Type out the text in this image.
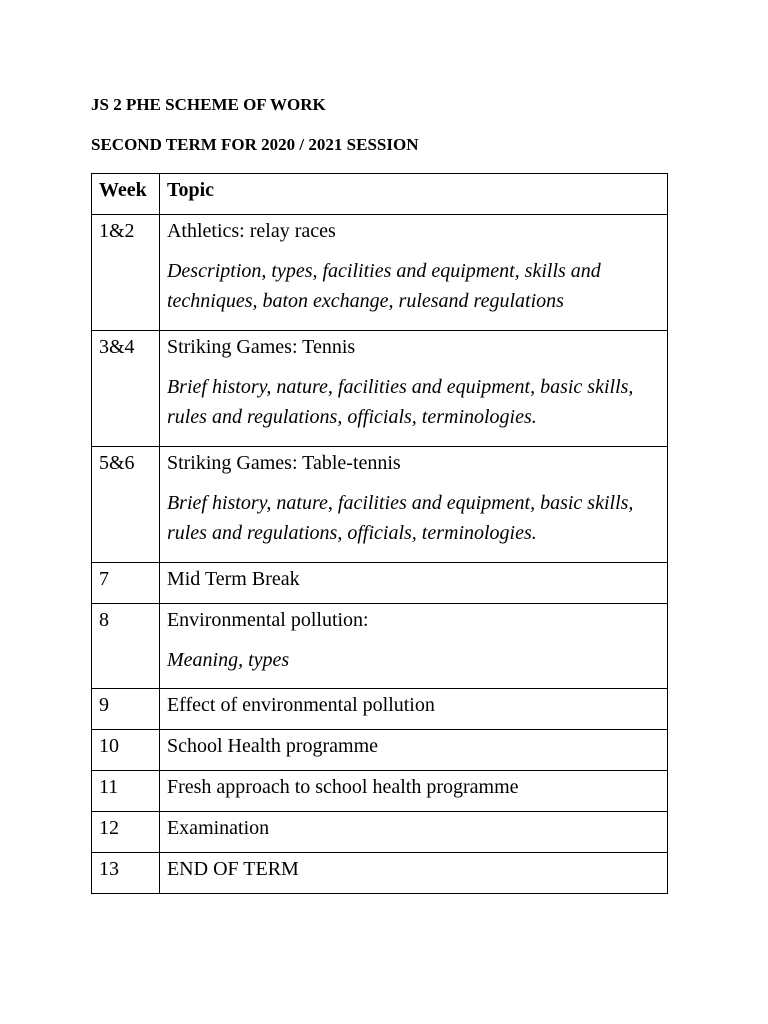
JS 2 PHE SCHEME OF WORK
SECOND TERM FOR 2020 / 2021 SESSION
Week	Topic

1&2	Athletics: relay races
Description, types, facilities and equipment, skills and techniques, baton exchange, rulesand regulations

3&4	Striking Games: Tennis
Brief history, nature, facilities and equipment, basic skills, rules and regulations, officials, terminologies.

5&6	Striking Games: Table-tennis
Brief history, nature, facilities and equipment, basic skills, rules and regulations, officials, terminologies.

7	Mid Term Break

8	Environmental pollution:
Meaning, types

9	Effect of environmental pollution

10	School Health programme

11	Fresh approach to school health programme

12	Examination

13	END OF TERM
